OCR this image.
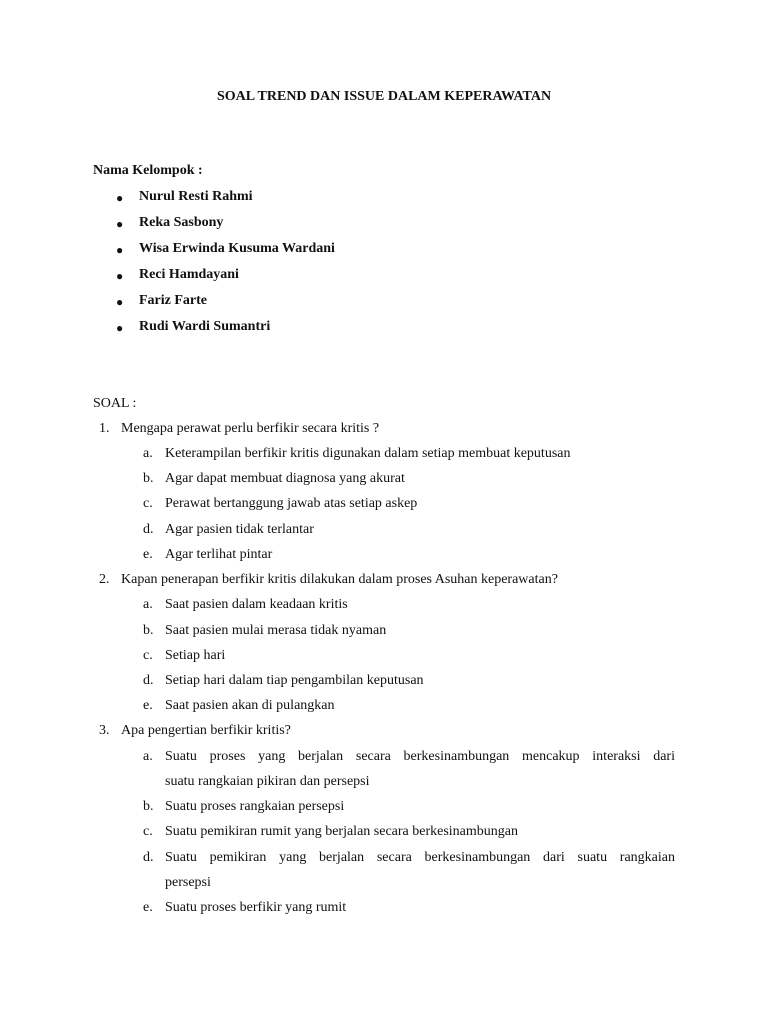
SOAL TREND DAN ISSUE DALAM KEPERAWATAN
Nama Kelompok :
● Nurul Resti Rahmi
● Reka Sasbony
● Wisa Erwinda Kusuma Wardani
● Reci Hamdayani
● Fariz Farte
● Rudi Wardi Sumantri
SOAL :
1. Mengapa perawat perlu berfikir secara kritis ?
a. Keterampilan berfikir kritis digunakan dalam setiap membuat keputusan
b. Agar dapat membuat diagnosa yang akurat
c. Perawat bertanggung jawab atas setiap askep
d. Agar pasien tidak terlantar
e. Agar terlihat pintar
2. Kapan penerapan berfikir kritis dilakukan dalam proses Asuhan keperawatan?
a. Saat pasien dalam keadaan kritis
b. Saat pasien mulai merasa tidak nyaman
c. Setiap hari
d. Setiap hari dalam tiap pengambilan keputusan
e. Saat pasien akan di pulangkan
3. Apa pengertian berfikir kritis?
a. Suatu proses yang berjalan secara berkesinambungan mencakup interaksi dari
suatu rangkaian pikiran dan persepsi
b. Suatu proses rangkaian persepsi
c. Suatu pemikiran rumit yang berjalan secara berkesinambungan
d. Suatu pemikiran yang berjalan secara berkesinambungan dari suatu rangkaian
persepsi
e. Suatu proses berfikir yang rumit
